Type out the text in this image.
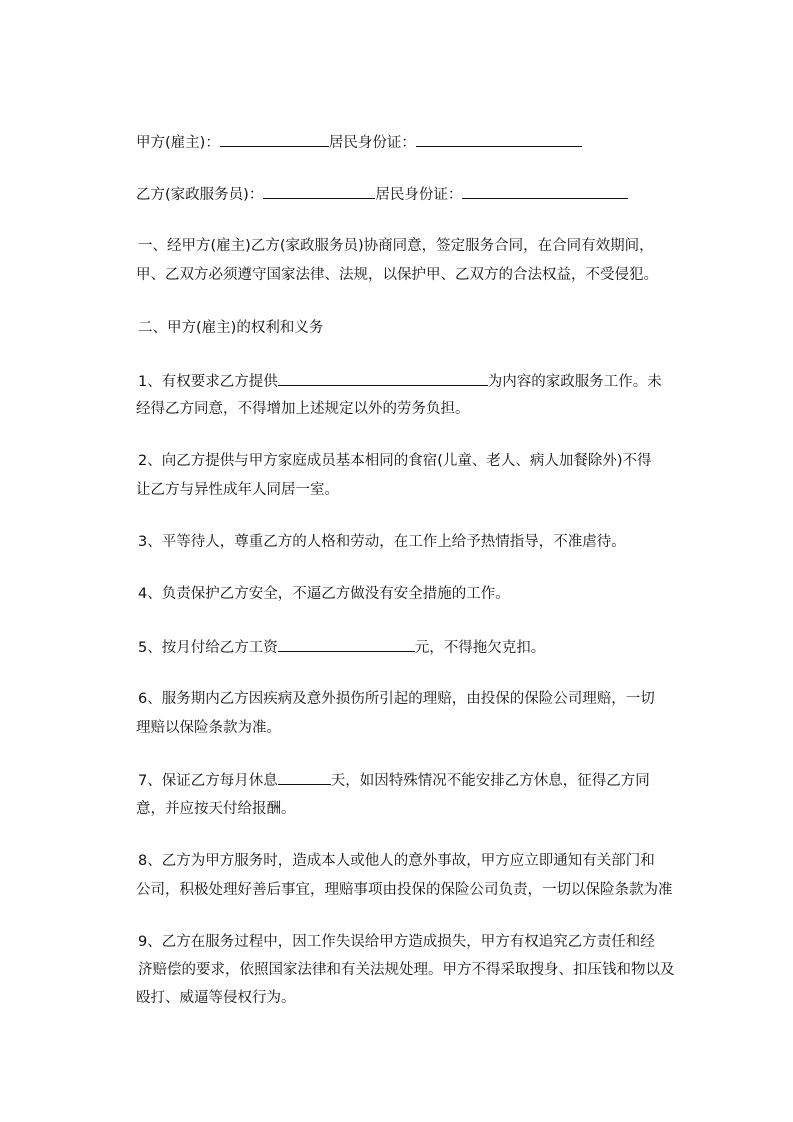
甲方(雇主)：	居民身份证：
乙方(家政服务员)：	居民身份证：
一、经甲方(雇主)乙方(家政服务员)协商同意，签定服务合同，在合同有效期间，
甲、乙双方必须遵守国家法律、法规，以保护甲、乙双方的合法权益，不受侵犯。
二、甲方(雇主)的权利和义务
1、有权要求乙方提供	为内容的家政服务工作。未
经得乙方同意，不得增加上述规定以外的劳务负担。
2、向乙方提供与甲方家庭成员基本相同的食宿(儿童、老人、病人加餐除外)不得
让乙方与异性成年人同居一室。
3、平等待人，尊重乙方的人格和劳动，在工作上给予热情指导，不准虐待。
4、负责保护乙方安全，不逼乙方做没有安全措施的工作。
5、按月付给乙方工资	元，不得拖欠克扣。
6、服务期内乙方因疾病及意外损伤所引起的理赔，由投保的保险公司理赔，一切
理赔以保险条款为准。
7、保证乙方每月休息	天，如因特殊情况不能安排乙方休息，征得乙方同
意，并应按天付给报酬。
8、乙方为甲方服务时，造成本人或他人的意外事故，甲方应立即通知有关部门和
公司，积极处理好善后事宜，理赔事项由投保的保险公司负责，一切以保险条款为准
9、乙方在服务过程中，因工作失误给甲方造成损失，甲方有权追究乙方责任和经
济赔偿的要求，依照国家法律和有关法规处理。甲方不得采取搜身、扣压钱和物以及
殴打、威逼等侵权行为。
